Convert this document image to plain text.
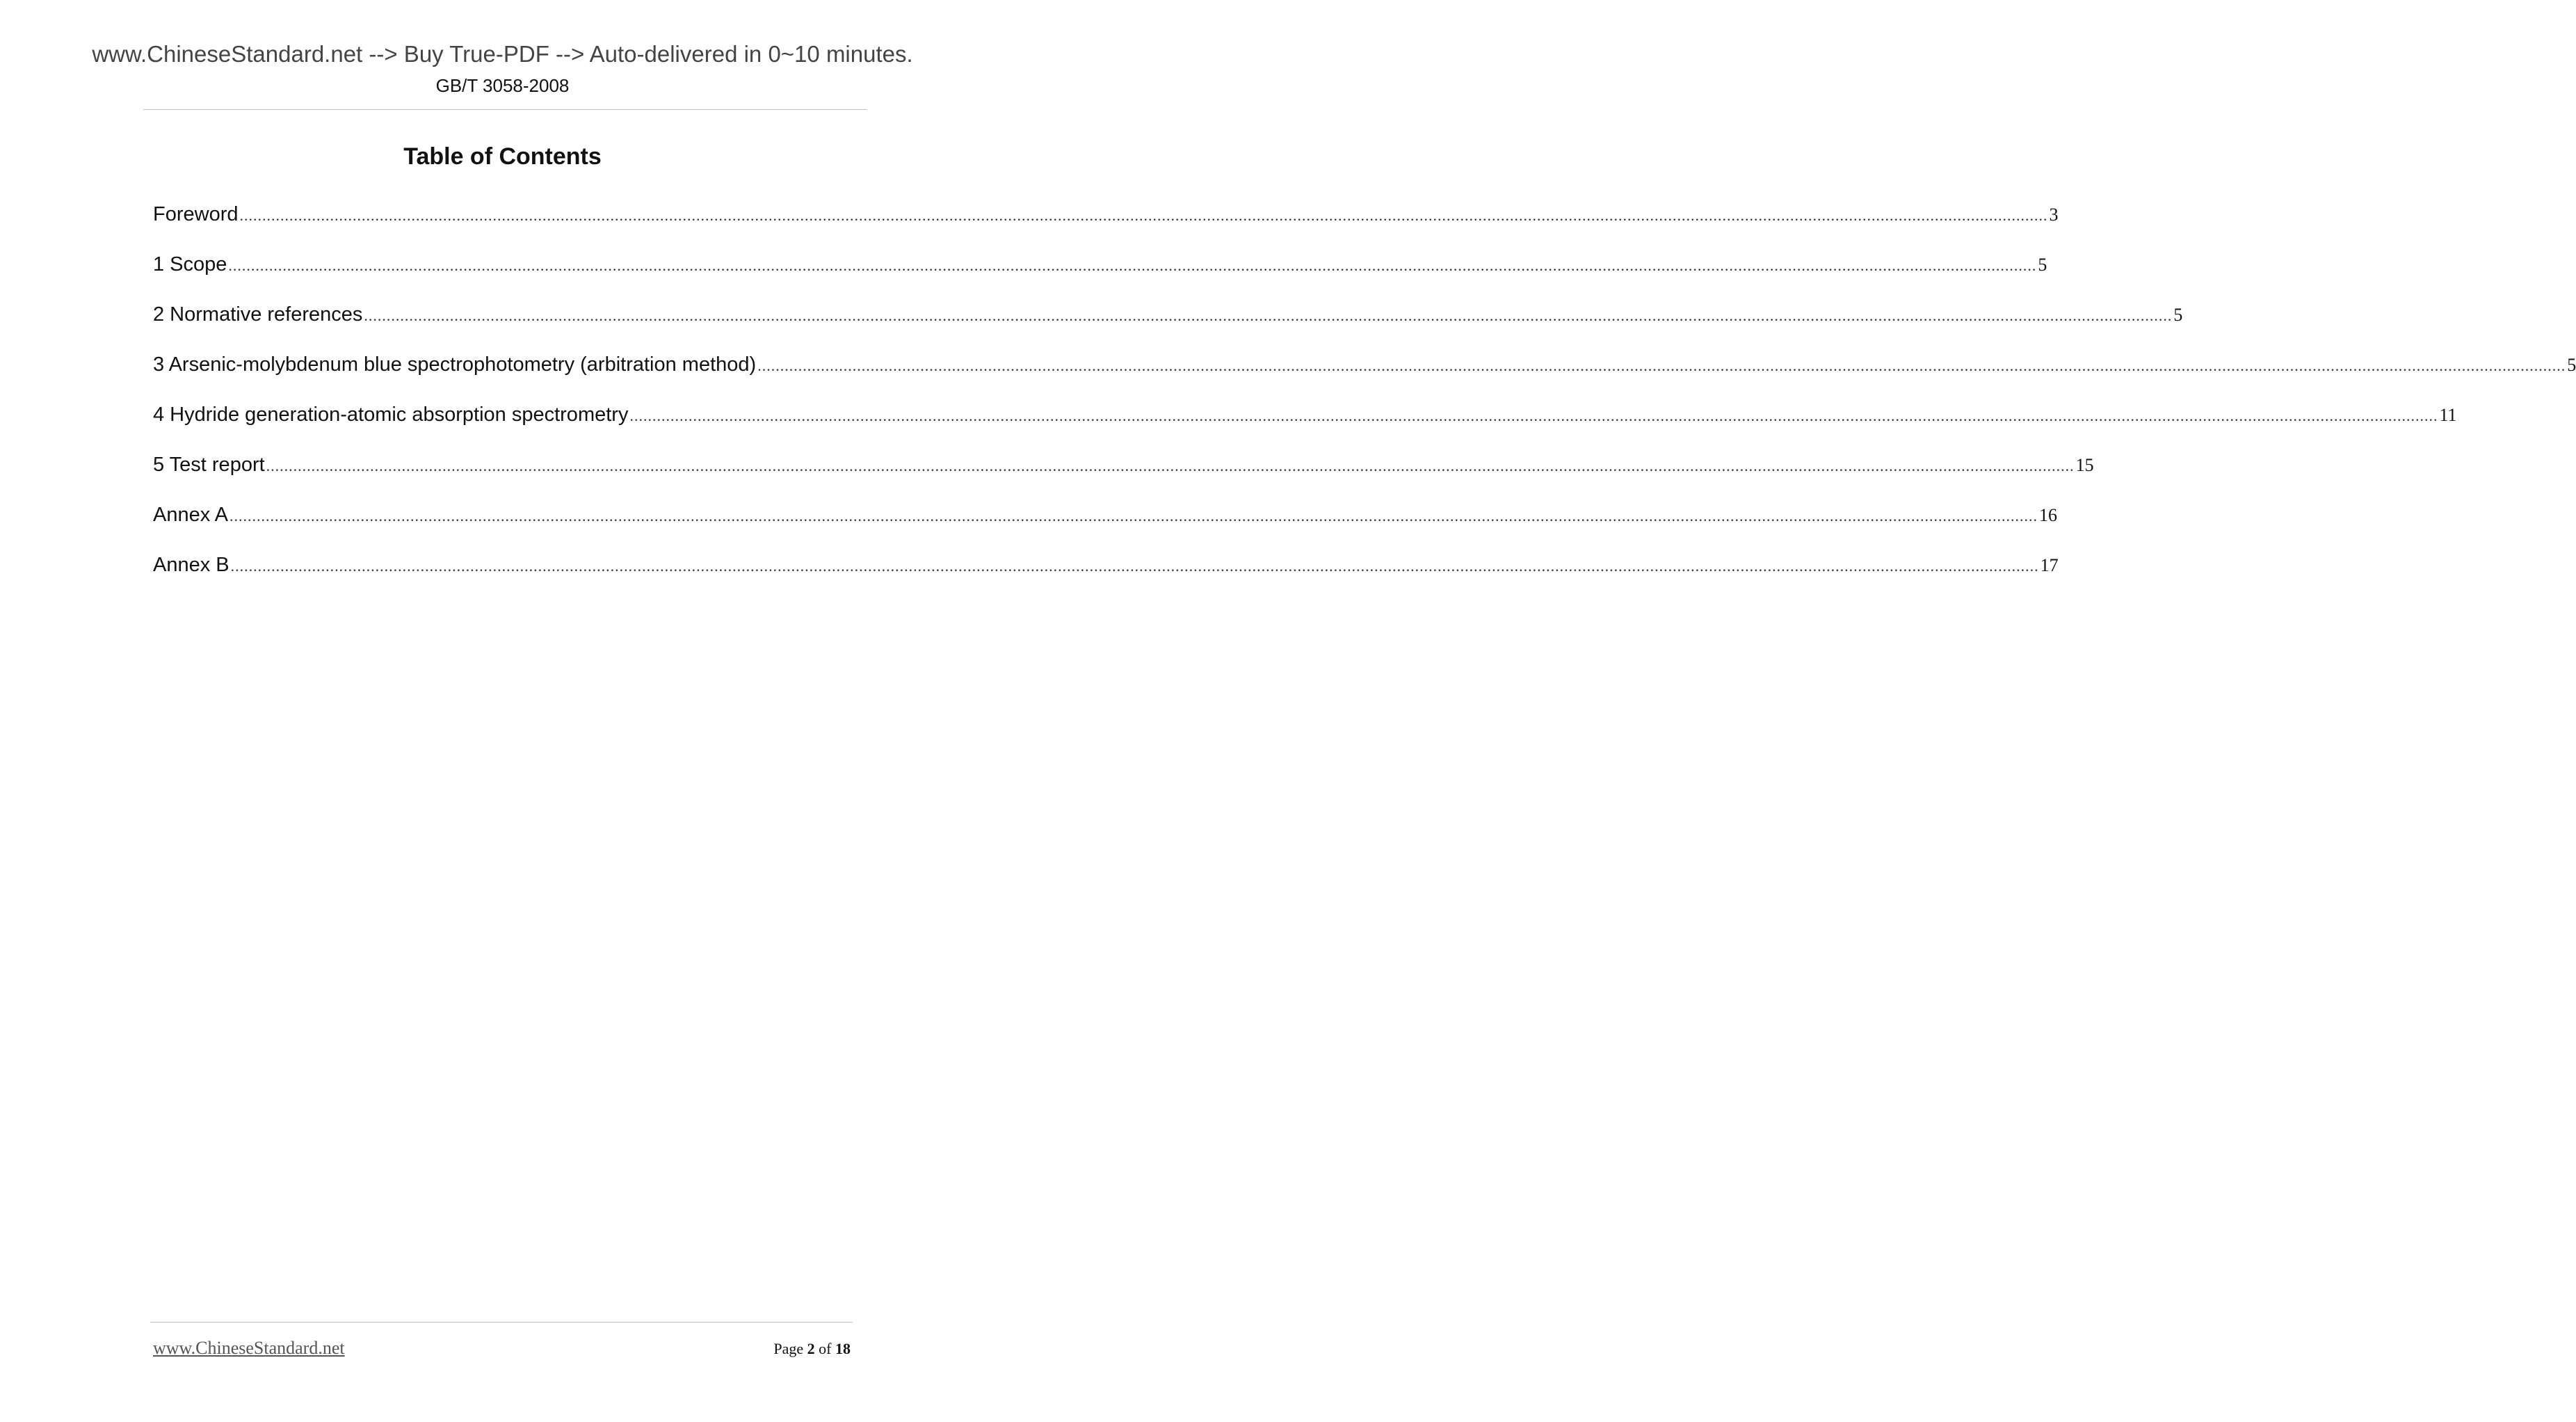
www.ChineseStandard.net --> Buy True-PDF --> Auto-delivered in 0~10 minutes.
GB/T 3058-2008
Table of Contents
Foreword ................................................................................................................................................................................................................................................................................................................................................................................................................ 3
1 Scope ................................................................................................................................................................................................................................................................................................................................................................................................................ 5
2 Normative references ................................................................................................................................................................................................................................................................................................................................................................................................................ 5
3 Arsenic-molybdenum blue spectrophotometry (arbitration method) ................................................................................................................................................................................................................................................................................................................................................................................................................ 5
4 Hydride generation-atomic absorption spectrometry ................................................................................................................................................................................................................................................................................................................................................................................................................ 11
5 Test report ................................................................................................................................................................................................................................................................................................................................................................................................................ 15
Annex A ................................................................................................................................................................................................................................................................................................................................................................................................................ 16
Annex B ................................................................................................................................................................................................................................................................................................................................................................................................................ 17
www.ChineseStandard.net	Page 2 of 18
